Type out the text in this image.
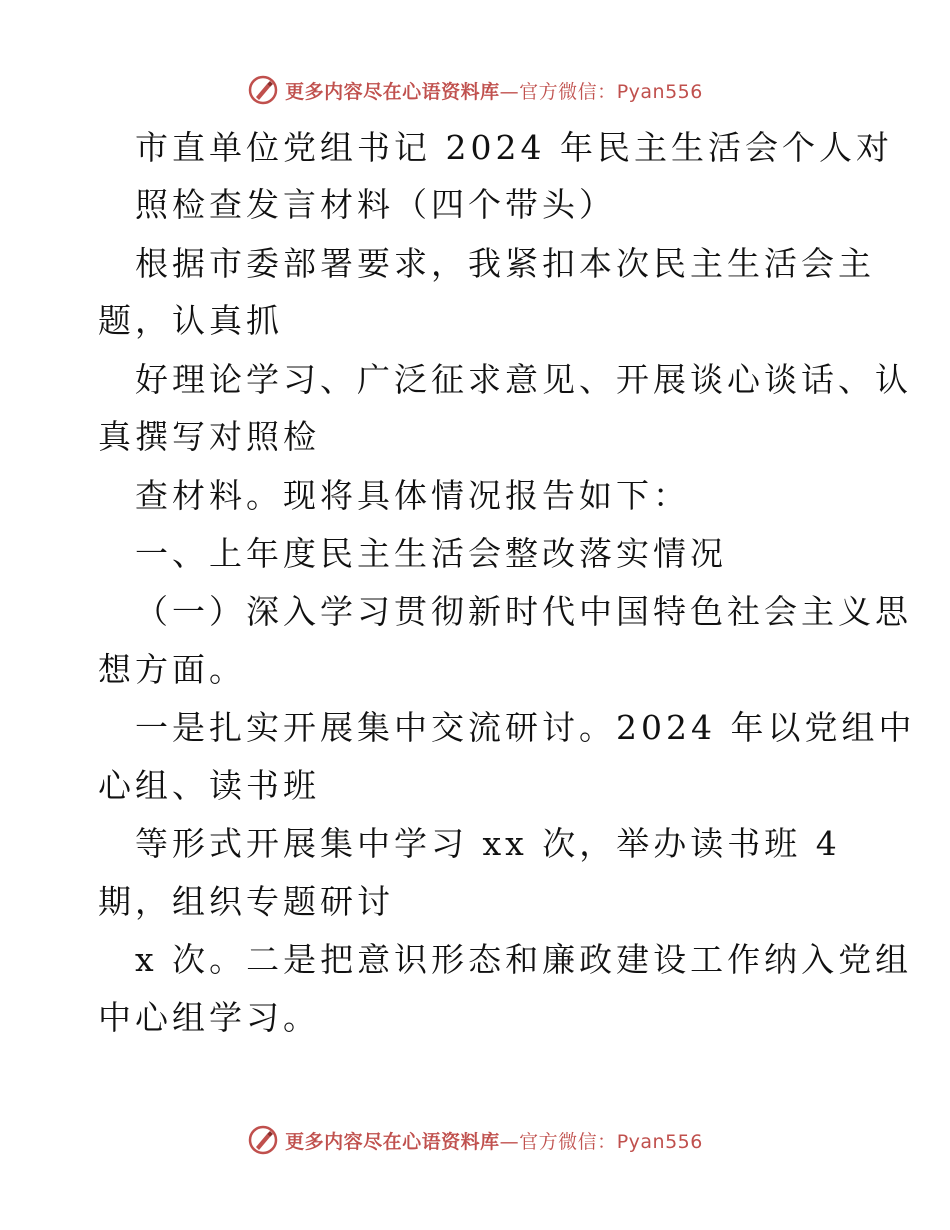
更多内容尽在心语资料库—官方微信：Pyan556
市直单位党组书记 2024 年民主生活会个人对
照检查发言材料（四个带头）
根据市委部署要求，我紧扣本次民主生活会主
题，认真抓
好理论学习、广泛征求意见、开展谈心谈话、认
真撰写对照检
查材料。现将具体情况报告如下：
一、上年度民主生活会整改落实情况
（一）深入学习贯彻新时代中国特色社会主义思
想方面。
一是扎实开展集中交流研讨。2024 年以党组中
心组、读书班
等形式开展集中学习 xx 次，举办读书班 4
期，组织专题研讨
x 次。二是把意识形态和廉政建设工作纳入党组
中心组学习。
更多内容尽在心语资料库—官方微信：Pyan556
